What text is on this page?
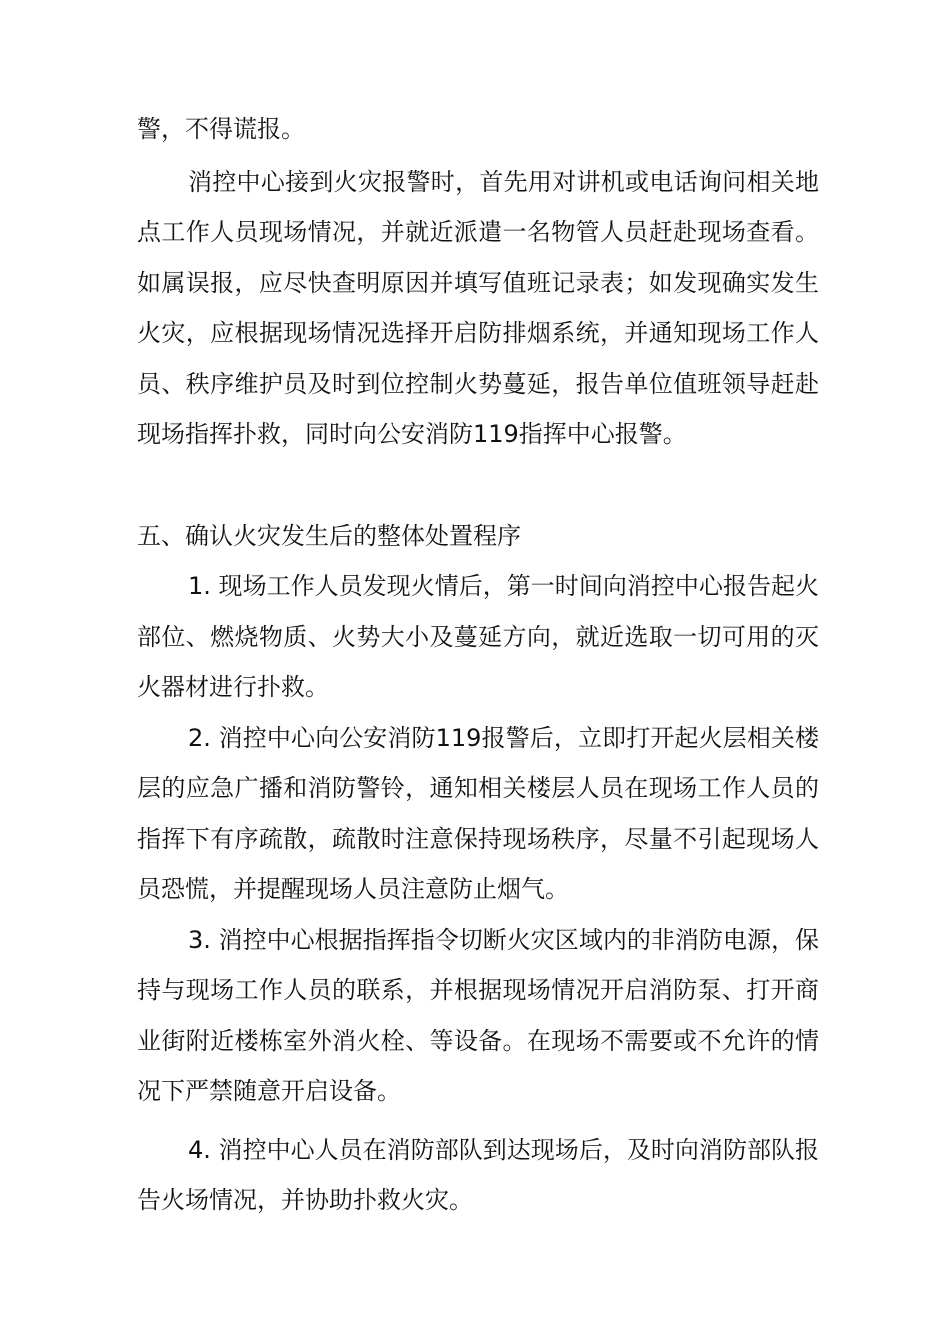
警，不得谎报。

消控中心接到火灾报警时，首先用对讲机或电话询问相关地点工作人员现场情况，并就近派遣一名物管人员赶赴现场查看。如属误报，应尽快查明原因并填写值班记录表；如发现确实发生火灾，应根据现场情况选择开启防排烟系统，并通知现场工作人员、秩序维护员及时到位控制火势蔓延，报告单位值班领导赶赴现场指挥扑救，同时向公安消防119指挥中心报警。

五、确认火灾发生后的整体处置程序

1. 现场工作人员发现火情后，第一时间向消控中心报告起火部位、燃烧物质、火势大小及蔓延方向，就近选取一切可用的灭火器材进行扑救。

2. 消控中心向公安消防119报警后，立即打开起火层相关楼层的应急广播和消防警铃，通知相关楼层人员在现场工作人员的指挥下有序疏散，疏散时注意保持现场秩序，尽量不引起现场人员恐慌，并提醒现场人员注意防止烟气。

3. 消控中心根据指挥指令切断火灾区域内的非消防电源，保持与现场工作人员的联系，并根据现场情况开启消防泵、打开商业街附近楼栋室外消火栓、等设备。在现场不需要或不允许的情况下严禁随意开启设备。

4. 消控中心人员在消防部队到达现场后，及时向消防部队报告火场情况，并协助扑救火灾。
